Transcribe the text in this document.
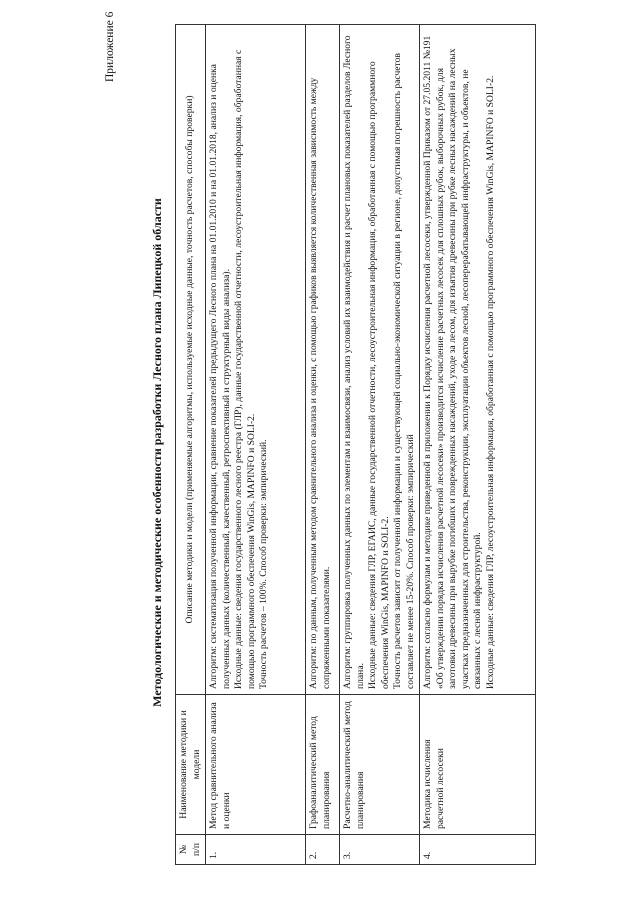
Приложение 6
Методологические и методические особенности разработки Лесного плана Липецкой области
№ п/п	Наименование методики и модели	Описание методики и модели (применяемые алгоритмы, используемые исходные данные, точность расчетов, способы проверки)
1.	Метод сравнительного анализа и оценки	Алгоритм: систематизация полученной информации, сравнение показателей предыдущего Лесного плана на 01.01.2010 и на 01.01.2018, анализ и оценка полученных данных (количественный, качественный, ретроспективный и структурный виды анализа). Исходные данные: сведения государственного лесного реестра (ГЛР), данные государственной отчетности, лесоустроительная информация, обработанная с помощью программного обеспечения WinGis, MAPINFO и SOLI-2. Точность расчетов – 100%. Способ проверки: эмпирический.

2.	Графоаналитический метод планирования	Алгоритм: по данным, полученным методом сравнительного анализа и оценки, с помощью графиков выявляется количественная зависимость между сопряженными показателями.

3.	Расчетно-аналитический метод планирования	Алгоритм: группировка полученных данных по элементам и взаимосвязи, анализ условий их взаимодействия и расчет плановых показателей разделов Лесного плана. Исходные данные: сведения ГЛР, ЕГАИС, данные государственной отчетности, лесоустроительная информация, обработанная с помощью программного обеспечения WinGis, MAPINFO и SOLI-2. Точность расчетов зависит от полученной информации и существующей социально-экономической ситуации в регионе, допустимая погрешность расчетов составляет не менее 15-20%. Способ проверки: эмпирический

4.	Методика исчисления расчетной лесосеки	Алгоритм: согласно формулам и методике приведенной в приложении к Порядку исчисления расчетной лесосеки, утвержденной Приказом от 27.05.2011 №191 «Об утверждении порядка исчисления расчетной лесосеки» производится исчисление расчетных лесосек для сплошных рубок, выборочных рубок, для заготовки древесины при вырубке погибших и поврежденных насаждений, уходе за лесом, для изъятия древесины при рубке лесных насаждений на лесных участках предназначенных для строительства, реконструкции, эксплуатации объектов лесной, лесоперерабатывающей инфраструктуры, и объектов, не связанных с лесной инфраструктурой. Исходные данные: сведения ГЛР, лесоустроительная информация, обработанная с помощью программного обеспечения WinGis, MAPINFO и SOLI-2.
